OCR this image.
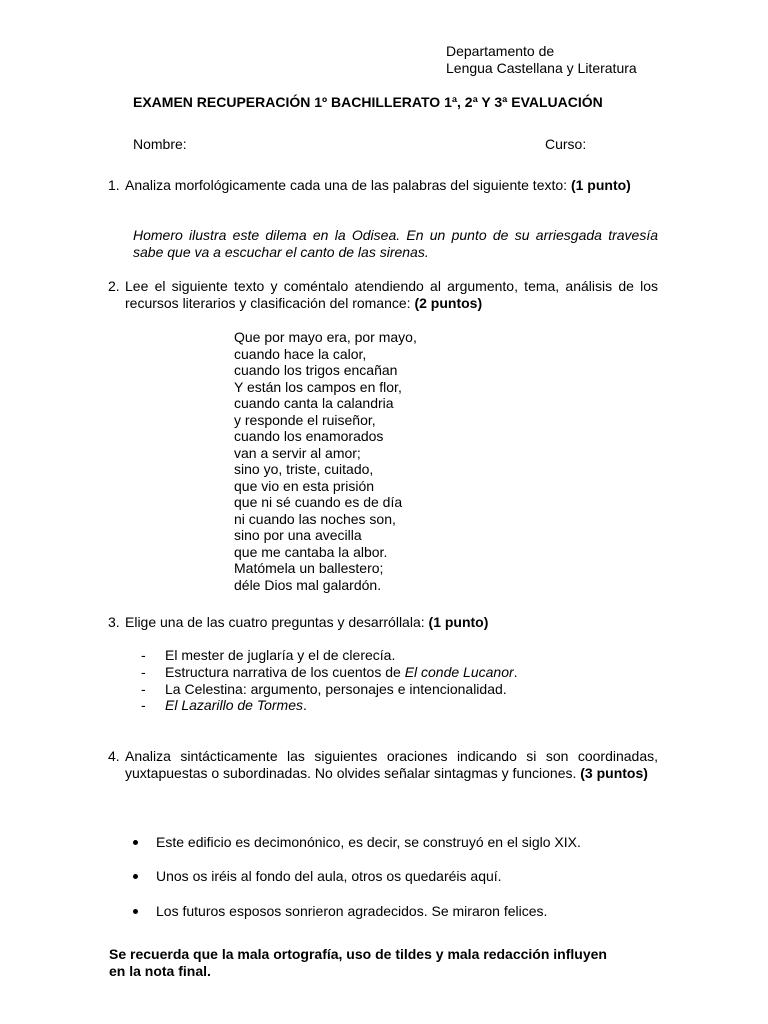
Departamento de
Lengua Castellana y Literatura
EXAMEN RECUPERACIÓN 1º BACHILLERATO 1ª, 2ª Y 3ª EVALUACIÓN
Nombre:	Curso:
1. Analiza morfológicamente cada una de las palabras del siguiente texto: (1 punto)
Homero ilustra este dilema en la Odisea. En un punto de su arriesgada travesía sabe que va a escuchar el canto de las sirenas.
2. Lee el siguiente texto y coméntalo atendiendo al argumento, tema, análisis de los recursos literarios y clasificación del romance: (2 puntos)
Que por mayo era, por mayo,
cuando hace la calor,
cuando los trigos encañan
Y están los campos en flor,
cuando canta la calandria
y responde el ruiseñor,
cuando los enamorados
van a servir al amor;
sino yo, triste, cuitado,
que vio en esta prisión
que ni sé cuando es de día
ni cuando las noches son,
sino por una avecilla
que me cantaba la albor.
Matómela un ballestero;
déle Dios mal galardón.
3. Elige una de las cuatro preguntas y desarróllala: (1 punto)
- El mester de juglaría y el de clerecía.
- Estructura narrativa de los cuentos de El conde Lucanor.
- La Celestina: argumento, personajes e intencionalidad.
- El Lazarillo de Tormes.
4. Analiza sintácticamente las siguientes oraciones indicando si son coordinadas, yuxtapuestas o subordinadas. No olvides señalar sintagmas y funciones. (3 puntos)
Este edificio es decimonónico, es decir, se construyó en el siglo XIX.
Unos os iréis al fondo del aula, otros os quedaréis aquí.
Los futuros esposos sonrieron agradecidos. Se miraron felices.
Se recuerda que la mala ortografía, uso de tildes y mala redacción influyen en la nota final.
